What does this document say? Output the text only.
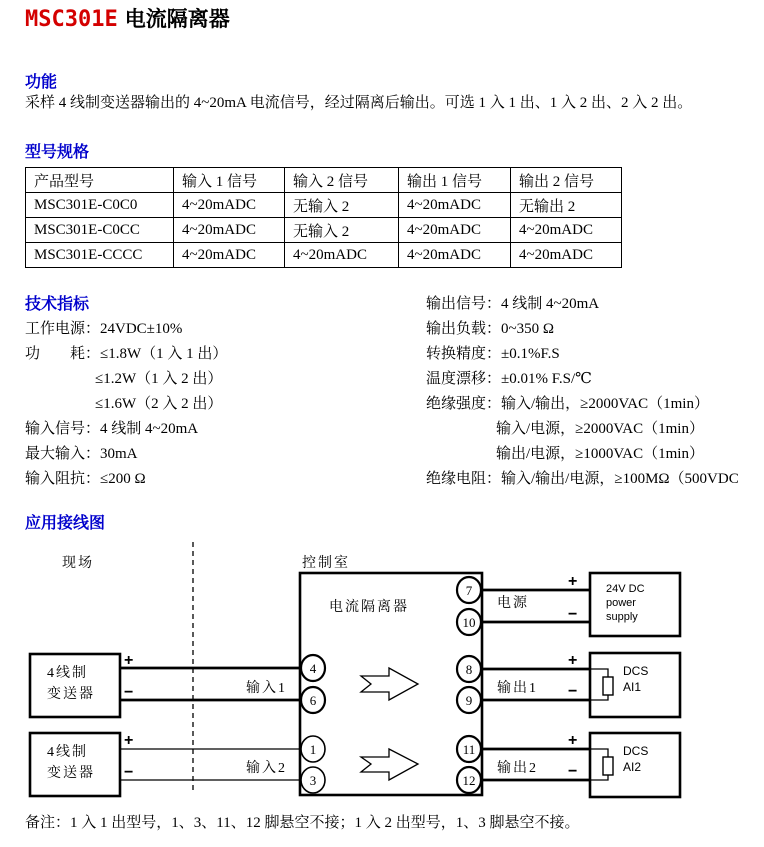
MSC301E 电流隔离器
功能
采样 4 线制变送器输出的 4~20mA 电流信号，经过隔离后输出。可选 1 入 1 出、1 入 2 出、2 入 2 出。
型号规格
产品型号	输入 1 信号	输入 2 信号	输出 1 信号	输出 2 信号
MSC301E-C0C0	4~20mADC	无输入 2	4~20mADC	无输出 2
MSC301E-C0CC	4~20mADC	无输入 2	4~20mADC	4~20mADC
MSC301E-CCCC	4~20mADC	4~20mADC	4~20mADC	4~20mADC
技术指标
工作电源：24VDC±10%
功　　耗：≤1.8W（1 入 1 出）
≤1.2W（1 入 2 出）
≤1.6W（2 入 2 出）
输入信号：4 线制 4~20mA
最大输入：30mA
输入阻抗：≤200 Ω
输出信号：4 线制 4~20mA
输出负载：0~350 Ω
转换精度：±0.1%F.S
温度漂移：±0.01% F.S/℃
绝缘强度：输入/输出，≥2000VAC（1min）
输入/电源，≥2000VAC（1min）
输出/电源，≥1000VAC（1min）
绝缘电阻：输入/输出/电源，≥100MΩ（500VDC
应用接线图
现场	控制室
4线制
变送器
4线制
变送器
+
−	输入1
+
−	输入2
电流隔离器
4
6
1
3
7
10
8
9
11
12
电源
+
−
24V DC
power
supply
输出1
+
−
DCS
AI1
输出2
+
−
DCS
AI2
备注：1 入 1 出型号，1、3、11、12 脚悬空不接；1 入 2 出型号，1、3 脚悬空不接。
